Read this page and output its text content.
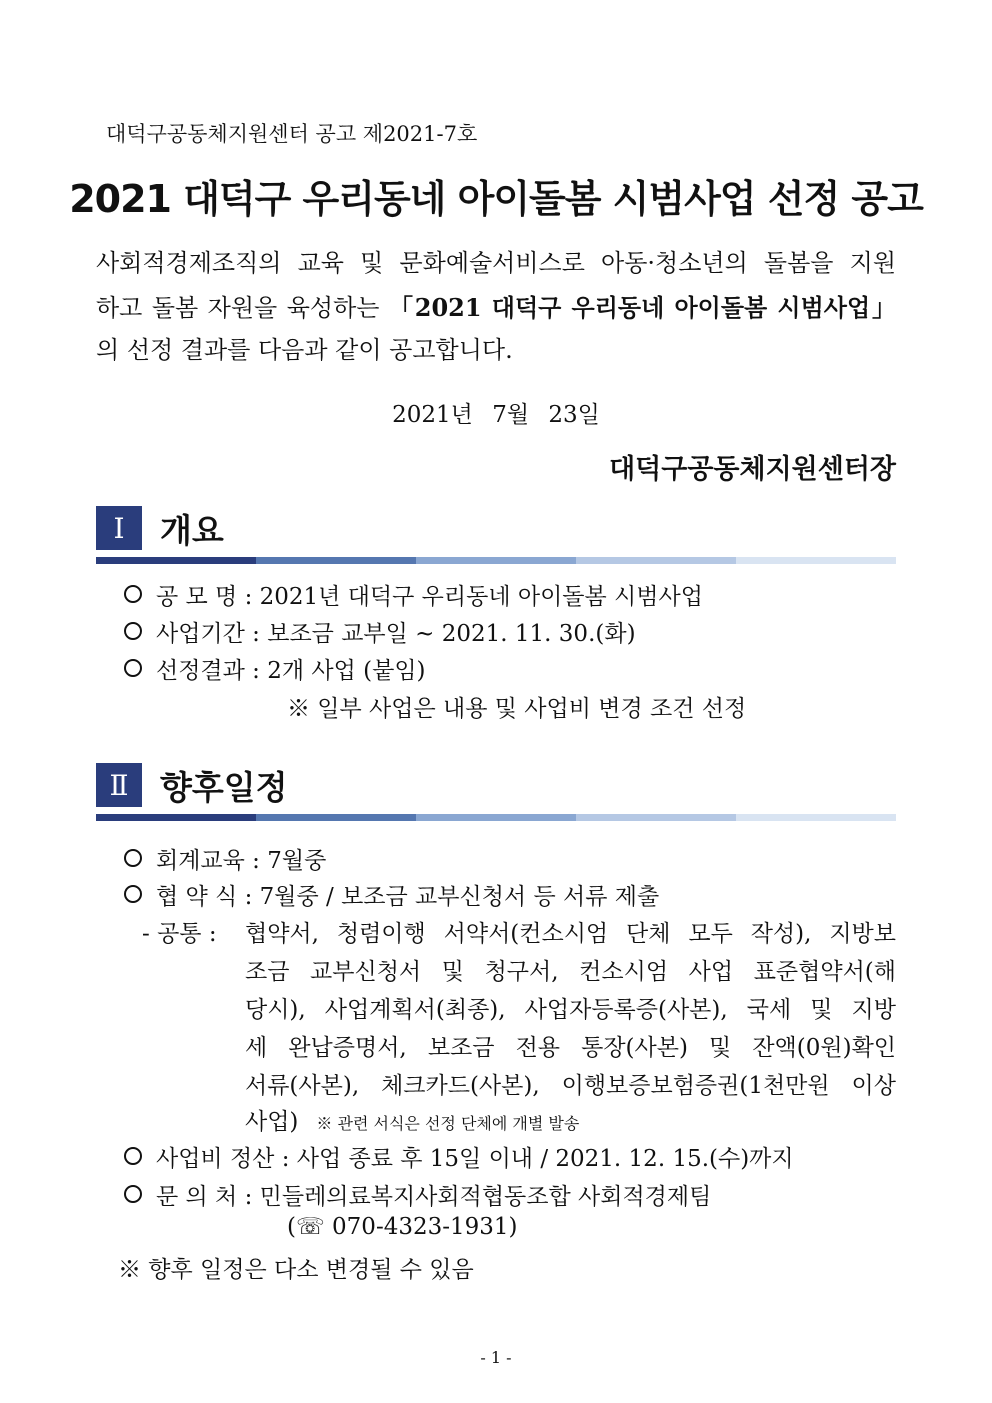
대덕구공동체지원센터 공고 제2021-7호
2021 대덕구 우리동네 아이돌봄 시범사업 선정 공고
사회적경제조직의 교육 및 문화예술서비스로 아동·청소년의 돌봄을 지원
하고 돌봄 자원을 육성하는 「2021 대덕구 우리동네 아이돌봄 시범사업」
의 선정 결과를 다음과 같이 공고합니다.
2021년 7월 23일
대덕구공동체지원센터장
Ⅰ	개요
공 모 명 : 2021년 대덕구 우리동네 아이돌봄 시범사업
사업기간 : 보조금 교부일 ~ 2021. 11. 30.(화)
선정결과 : 2개 사업 (붙임)
※ 일부 사업은 내용 및 사업비 변경 조건 선정
Ⅱ 향후일정
회계교육 : 7월중
협 약 식 : 7월중 / 보조금 교부신청서 등 서류 제출
- 공통 : 협약서, 청렴이행 서약서(컨소시엄 단체 모두 작성), 지방보
조금 교부신청서 및 청구서, 컨소시엄 사업 표준협약서(해
당시), 사업계획서(최종), 사업자등록증(사본), 국세 및 지방
세 완납증명서, 보조금 전용 통장(사본) 및 잔액(0원)확인
서류(사본), 체크카드(사본), 이행보증보험증권(1천만원 이상
사업) ※ 관련 서식은 선정 단체에 개별 발송
사업비 정산 : 사업 종료 후 15일 이내 / 2021. 12. 15.(수)까지
문 의 처 : 민들레의료복지사회적협동조합 사회적경제팀
(☏ 070-4323-1931)
※ 향후 일정은 다소 변경될 수 있음
- 1 -
